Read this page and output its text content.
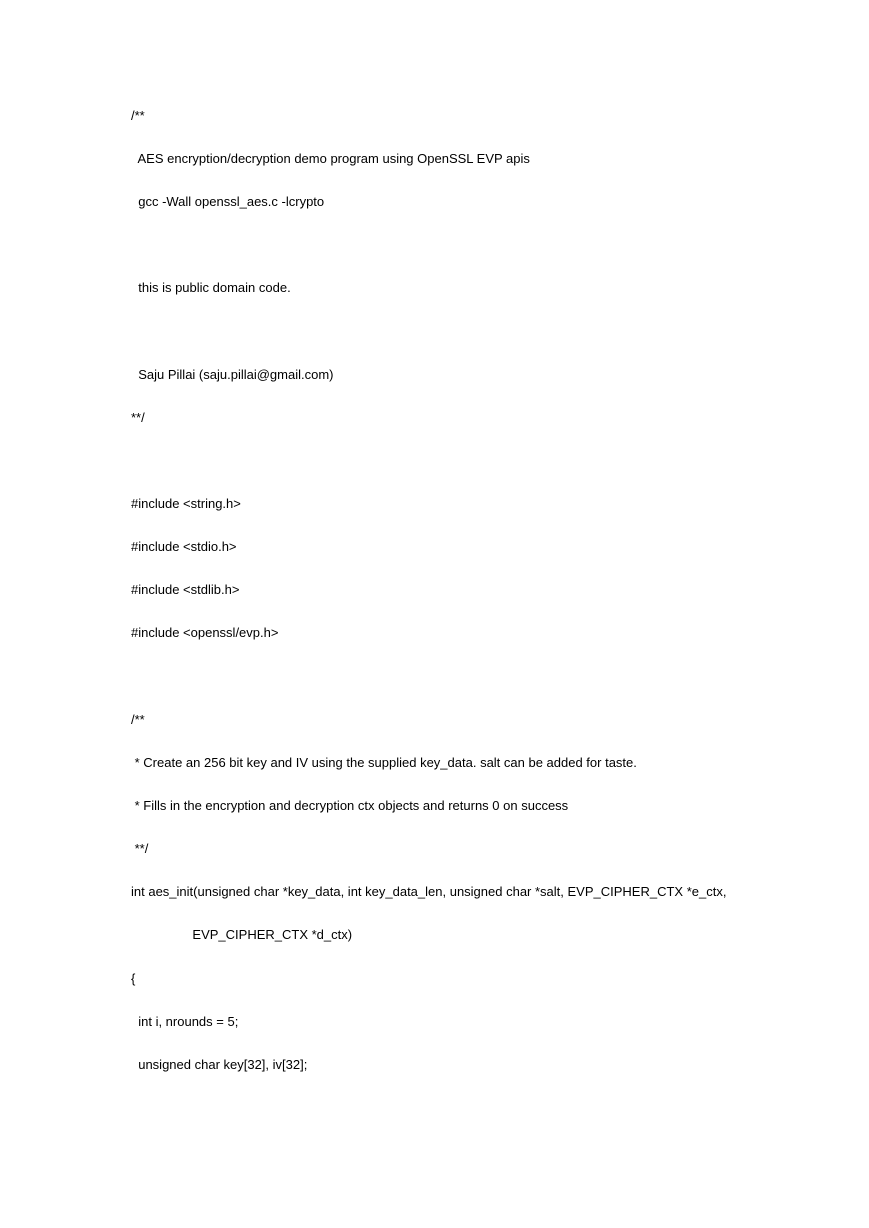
/**

AES encryption/decryption demo program using OpenSSL EVP apis

gcc -Wall openssl_aes.c -lcrypto

this is public domain code.

Saju Pillai (saju.pillai@gmail.com)

**/

#include <string.h>

#include <stdio.h>

#include <stdlib.h>

#include <openssl/evp.h>

/**

* Create an 256 bit key and IV using the supplied key_data. salt can be added for taste.

* Fills in the encryption and decryption ctx objects and returns 0 on success

**/

int aes_init(unsigned char *key_data, int key_data_len, unsigned char *salt, EVP_CIPHER_CTX *e_ctx,

EVP_CIPHER_CTX *d_ctx)

{

int i, nrounds = 5;

unsigned char key[32], iv[32];
